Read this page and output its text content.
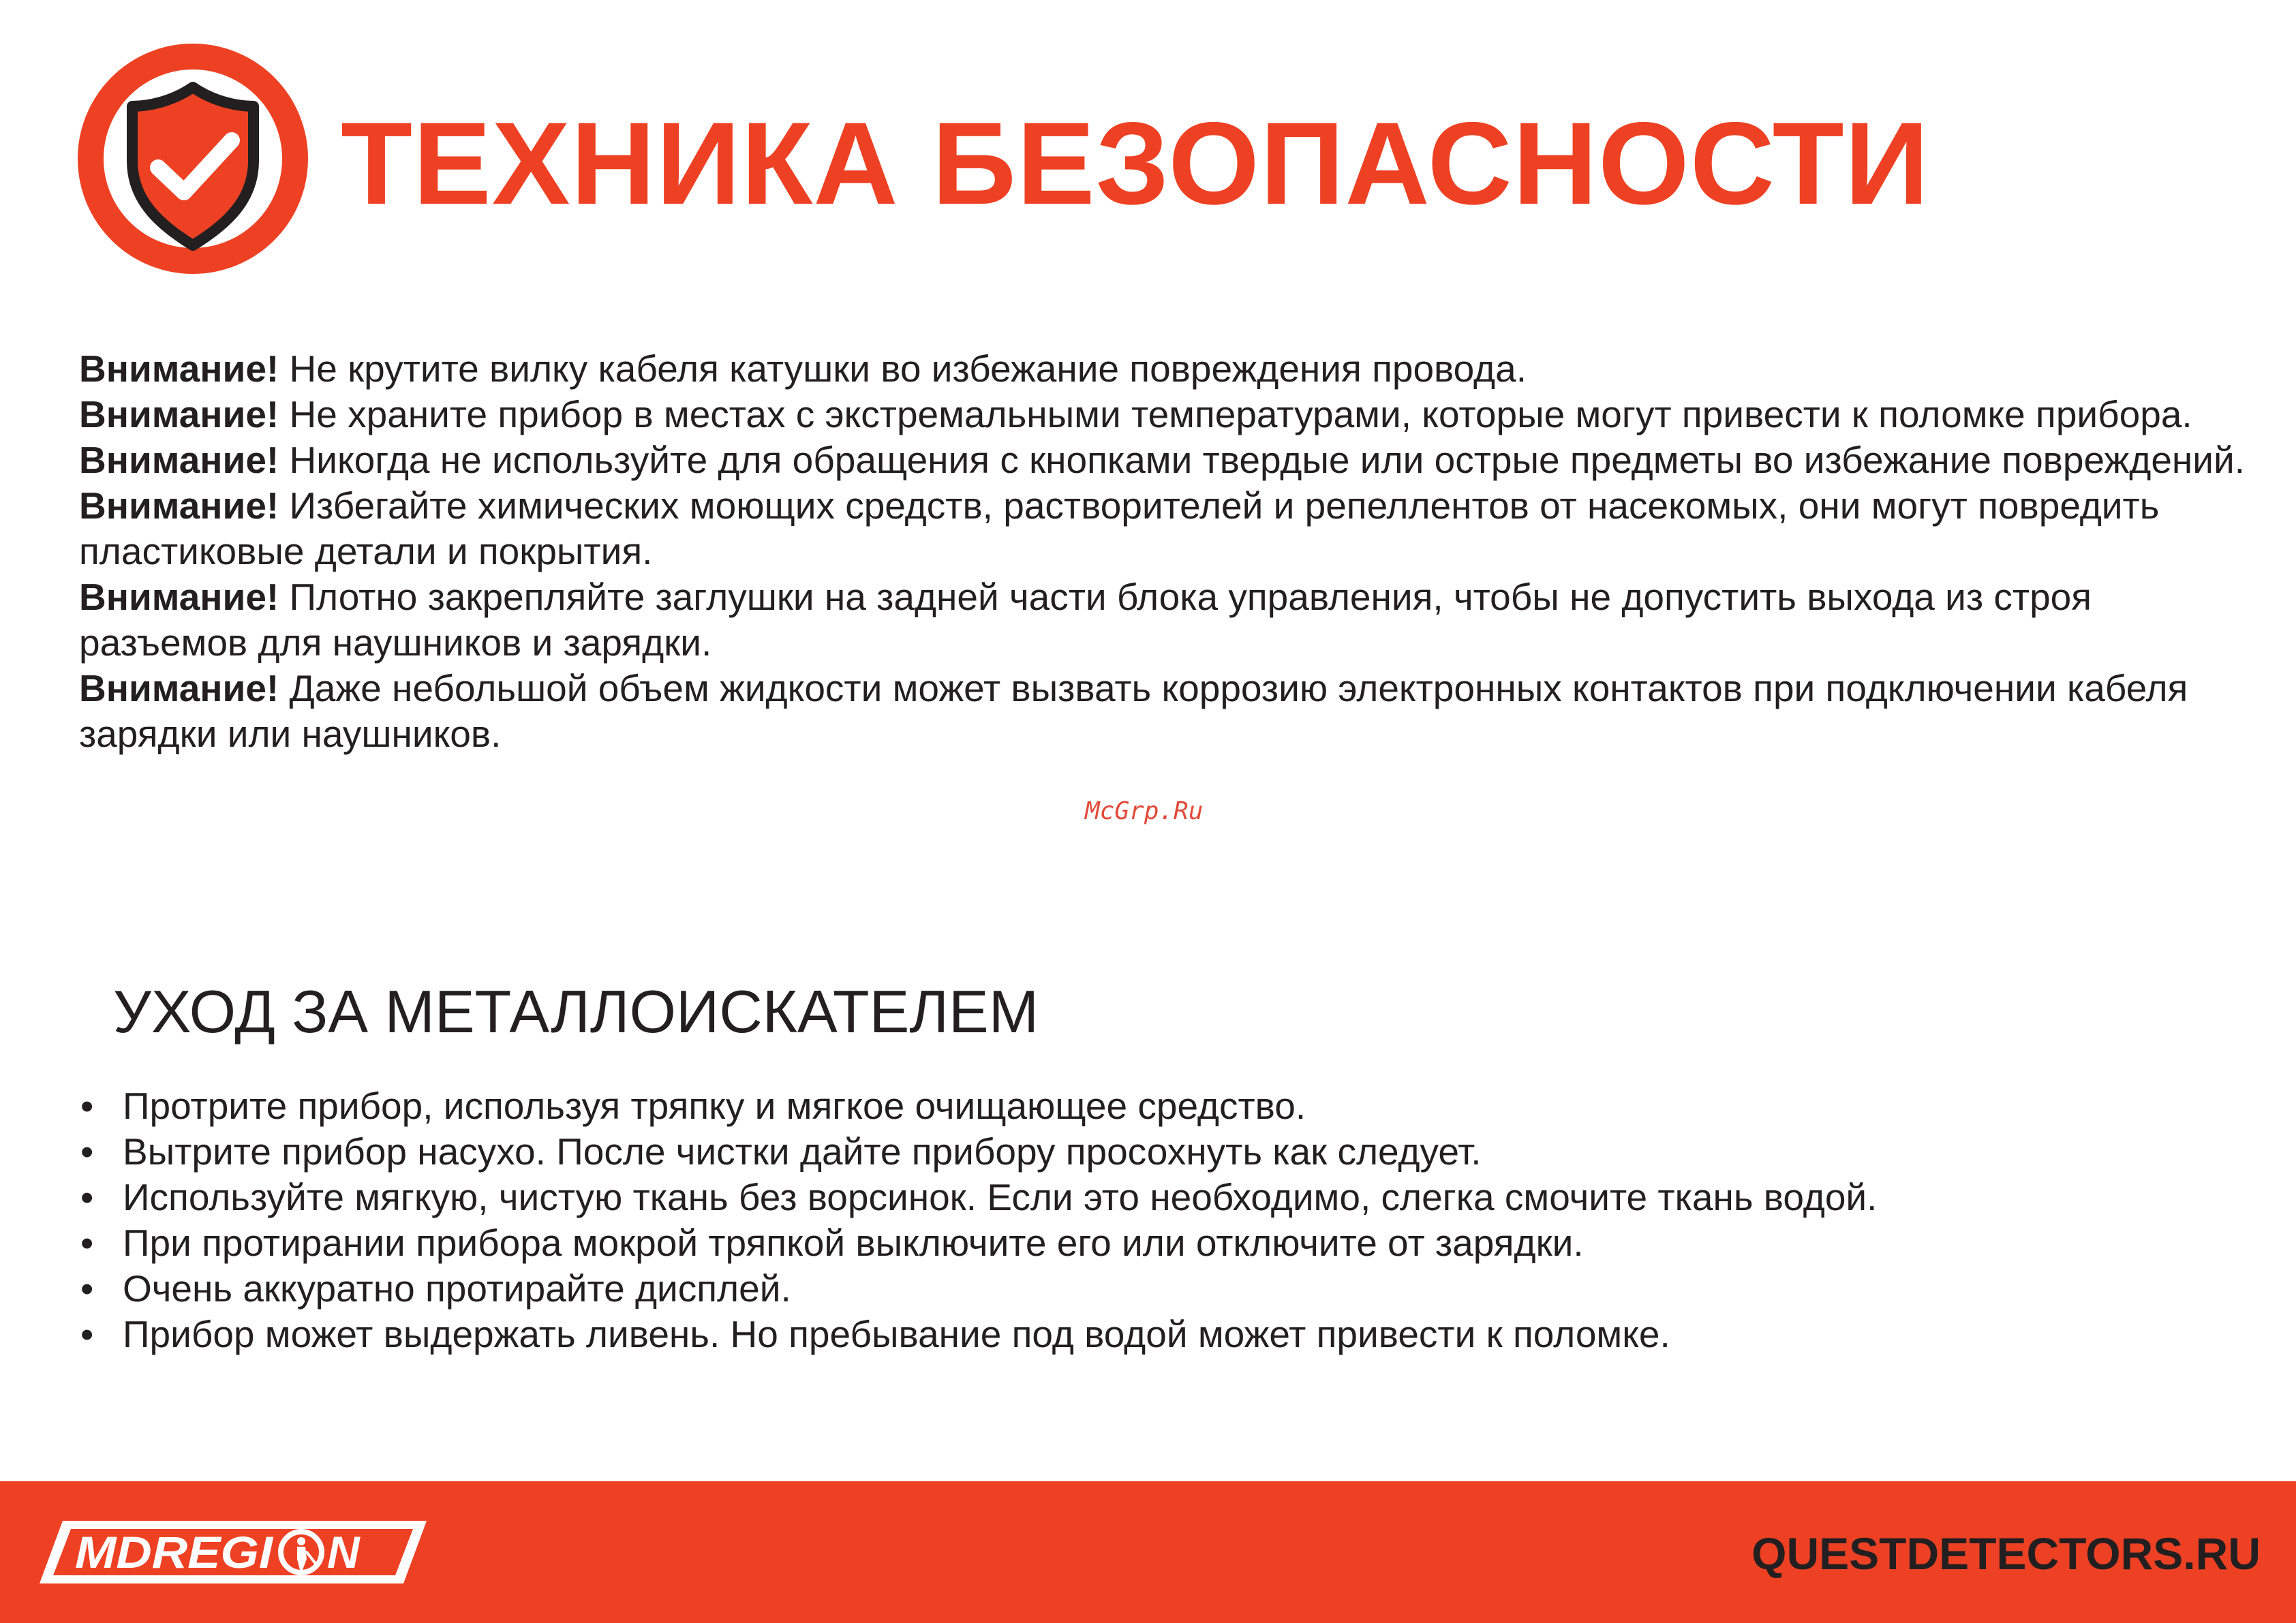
ТЕХНИКА БЕЗОПАСНОСТИ

Внимание! Не крутите вилку кабеля катушки во избежание повреждения провода.

Внимание! Не храните прибор в местах с экстремальными температурами, которые могут привести к поломке прибора.

Внимание! Никогда не используйте для обращения с кнопками твердые или острые предметы во избежание повреждений.

Внимание! Избегайте химических моющих средств, растворителей и репеллентов от насекомых, они могут повредить пластиковые детали и покрытия.

Внимание! Плотно закрепляйте заглушки на задней части блока управления, чтобы не допустить выхода из строя разъемов для наушников и зарядки.

Внимание! Даже небольшой объем жидкости может вызвать коррозию электронных контактов при подключении кабеля зарядки или наушников.

McGrp.Ru
УХОД ЗА МЕТАЛЛОИСКАТЕЛЕМ
• Протрите прибор, используя тряпку и мягкое очищающее средство.
• Вытрите прибор насухо. После чистки дайте прибору просохнуть как следует.
• Используйте мягкую, чистую ткань без ворсинок. Если это необходимо, слегка смочите ткань водой.
• При протирании прибора мокрой тряпкой выключите его или отключите от зарядки.
• Очень аккуратно протирайте дисплей.
• Прибор может выдержать ливень. Но пребывание под водой может привести к поломке.
MDREGI N	QUESTDETECTORS.RU
